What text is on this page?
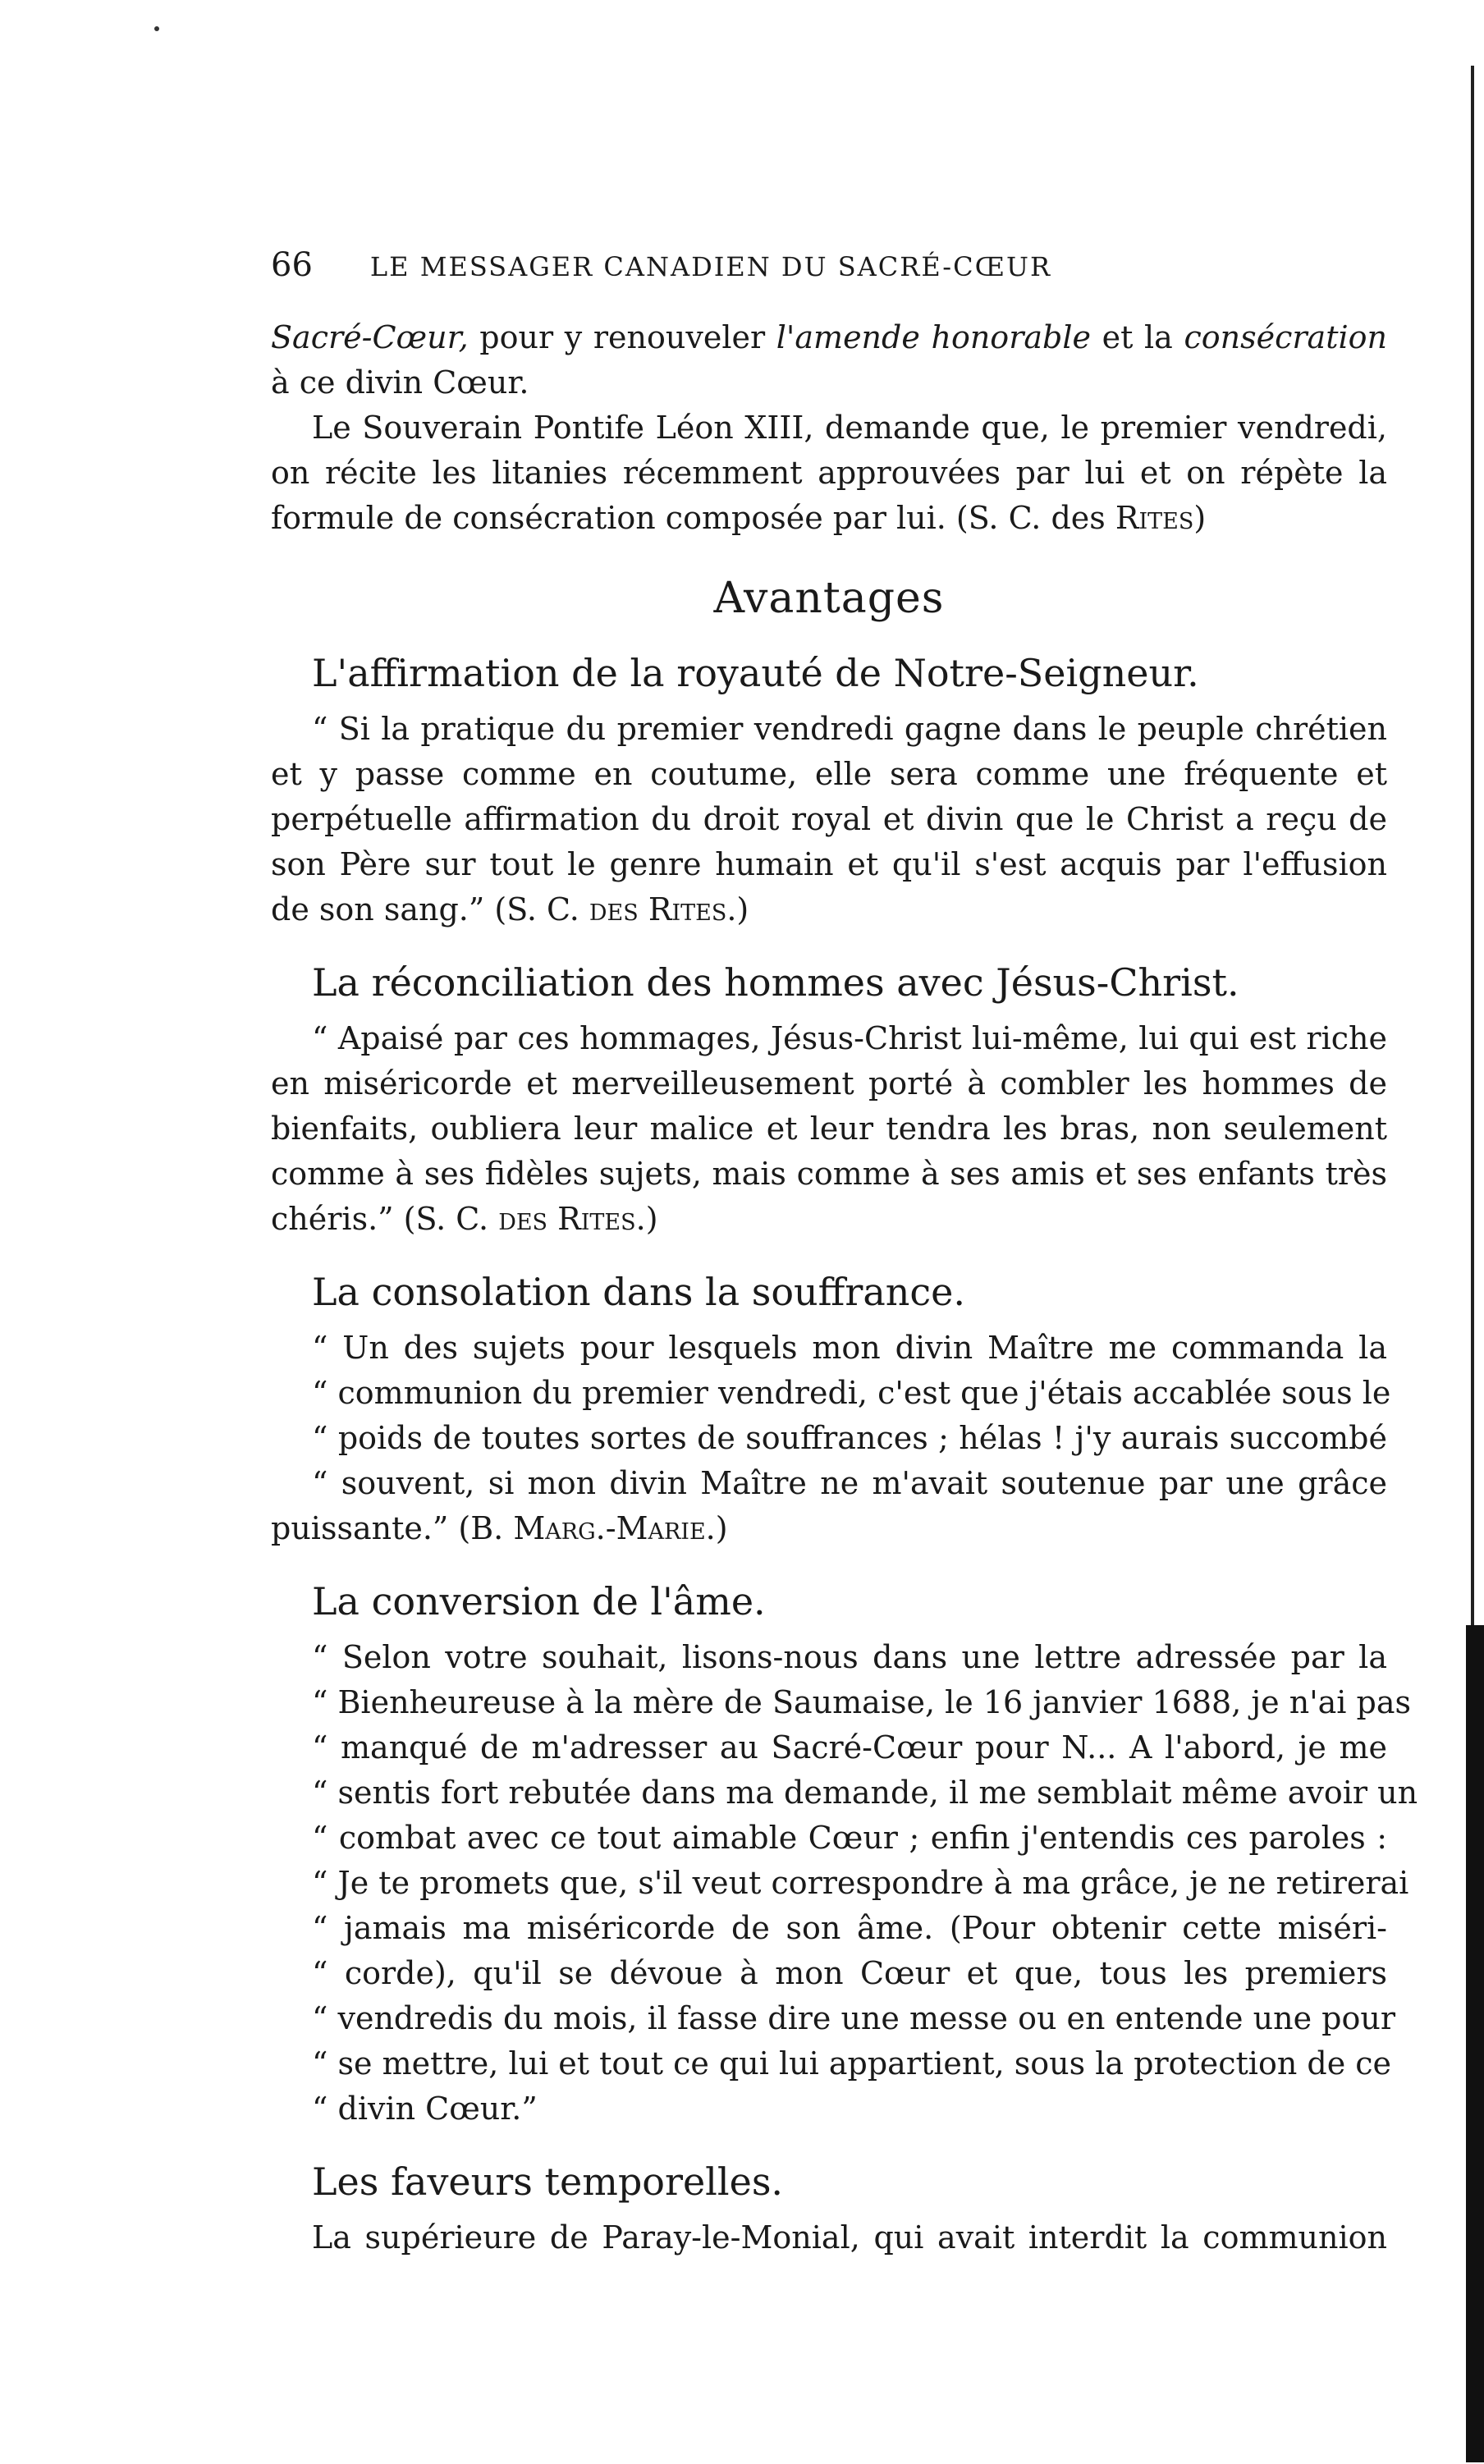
66 LE MESSAGER CANADIEN DU SACRÉ-CŒUR

Sacré-Cœur, pour y renouveler l'amende honorable et la consécration à ce divin Cœur.

Le Souverain Pontife Léon XIII, demande que, le premier vendredi, on récite les litanies récemment approuvées par lui et on répète la formule de consécration composée par lui. (S. C. des Rites)

Avantages
L'affirmation de la royauté de Notre-Seigneur.

“ Si la pratique du premier vendredi gagne dans le peuple chrétien et y passe comme en coutume, elle sera comme une fréquente et perpétuelle affirmation du droit royal et divin que le Christ a reçu de son Père sur tout le genre humain et qu'il s'est acquis par l'effusion de son sang.” (S. C. des Rites.)

La réconciliation des hommes avec Jésus-Christ.

“ Apaisé par ces hommages, Jésus-Christ lui-même, lui qui est riche en miséricorde et merveilleusement porté à combler les hommes de bienfaits, oubliera leur malice et leur tendra les bras, non seulement comme à ses fidèles sujets, mais comme à ses amis et ses enfants très chéris.” (S. C. des Rites.)

La consolation dans la souffrance.
“ Un des sujets pour lesquels mon divin Maître me commanda la
“ communion du premier vendredi, c'est que j'étais accablée sous le
“ poids de toutes sortes de souffrances ; hélas ! j'y aurais succombé
“ souvent, si mon divin Maître ne m'avait soutenue par une grâce

puissante.” (B. Marg.-Marie.)

La conversion de l'âme.
“ Selon votre souhait, lisons-nous dans une lettre adressée par la
“ Bienheureuse à la mère de Saumaise, le 16 janvier 1688, je n'ai pas
“ manqué de m'adresser au Sacré-Cœur pour N... A l'abord, je me
“ sentis fort rebutée dans ma demande, il me semblait même avoir un
“ combat avec ce tout aimable Cœur ; enfin j'entendis ces paroles :
“ Je te promets que, s'il veut correspondre à ma grâce, je ne retirerai
“ jamais ma miséricorde de son âme. (Pour obtenir cette miséri-
“ corde), qu'il se dévoue à mon Cœur et que, tous les premiers
“ vendredis du mois, il fasse dire une messe ou en entende une pour
“ se mettre, lui et tout ce qui lui appartient, sous la protection de ce
“ divin Cœur.”
Les faveurs temporelles.

La supérieure de Paray-le-Monial, qui avait interdit la communion
